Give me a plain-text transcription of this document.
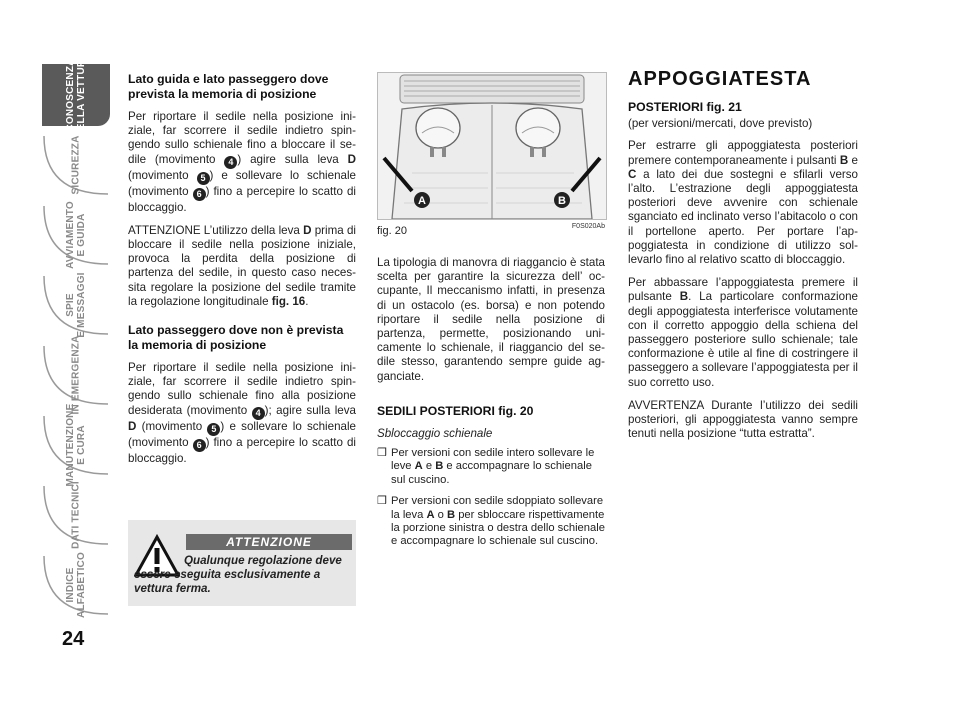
CONOSCENZA
DELLA VETTURA
SICUREZZA
AVVIAMENTO
E GUIDA
SPIE
E MESSAGGI
IN EMERGENZA
MANUTENZIONE
E CURA
DATI TECNICI
INDICE
ALFABETICO
24
Lato guida e lato passeggero dove prevista la memoria di posizione

Per riportare il sedile nella posizione iniziale, far scorrere il sedile indietro spingendo sullo schienale fino a bloccare il sedile (movimento 4 ) agire sulla leva D (movimento 5 ) e sollevare lo schienale (movimento 6 ) fino a percepire lo scatto di bloccaggio.

ATTENZIONE L’utilizzo della leva D prima di bloccare il sedile nella posizione iniziale, provoca la perdita della posizione di partenza del sedile, in questo caso necessita regolare la posizione del sedile tramite la regolazione longitudinale fig. 16.

Lato passeggero dove non è prevista la memoria di posizione

Per riportare il sedile nella posizione iniziale, far scorrere il sedile indietro spingendo sullo schienale fino alla posizione desiderata (movimento 4 ); agire sulla leva D (movimento 5 ) e sollevare lo schienale (movimento 6 ) fino a percepire lo scatto di bloccaggio.

ATTENZIONE
Qualunque regolazione deve essere eseguita esclusivamente a vettura ferma.
A	B
fig. 20	F0S020Ab

La tipologia di manovra di riaggancio è stata scelta per garantire la sicurezza dell’ occupante, Il meccanismo infatti, in presenza di un ostacolo (es. borsa) e non potendo riportare il sedile nella posizione di partenza, permette, posizionando unicamente lo schienale, il riaggancio del sedile stesso, garantendo sempre guide agganciate.

SEDILI POSTERIORI fig. 20

Sbloccaggio schienale

❒ Per versioni con sedile intero sollevare le leve A e B e accompagnare lo schienale sul cuscino.
❒ Per versioni con sedile sdoppiato sollevare la leva A o B per sbloccare rispettivamente la porzione sinistra o destra dello schienale e accompagnare lo schienale sul cuscino.
APPOGGIATESTA
POSTERIORI fig. 21

(per versioni/mercati, dove previsto)

Per estrarre gli appoggiatesta posteriori premere contemporaneamente i pulsanti B e C a lato dei due sostegni e sfilarli verso l’alto. L’estrazione degli appoggiatesta posteriori deve avvenire con schienale sganciato ed inclinato verso l’abitacolo o con il portellone aperto. Per portare l’appoggiatesta in condizione di utilizzo sollevarlo fino al relativo scatto di bloccaggio.

Per abbassare l’appoggiatesta premere il pulsante B. La particolare conformazione degli appoggiatesta interferisce volutamente con il corretto appoggio della schiena del passeggero posteriore sullo schienale; tale conformazione è utile al fine di costringere il passeggero a sollevare l’appoggiatesta per il suo corretto uso.

AVVERTENZA Durante l’utilizzo dei sedili posteriori, gli appoggiatesta vanno sempre tenuti nella posizione “tutta estratta”.
